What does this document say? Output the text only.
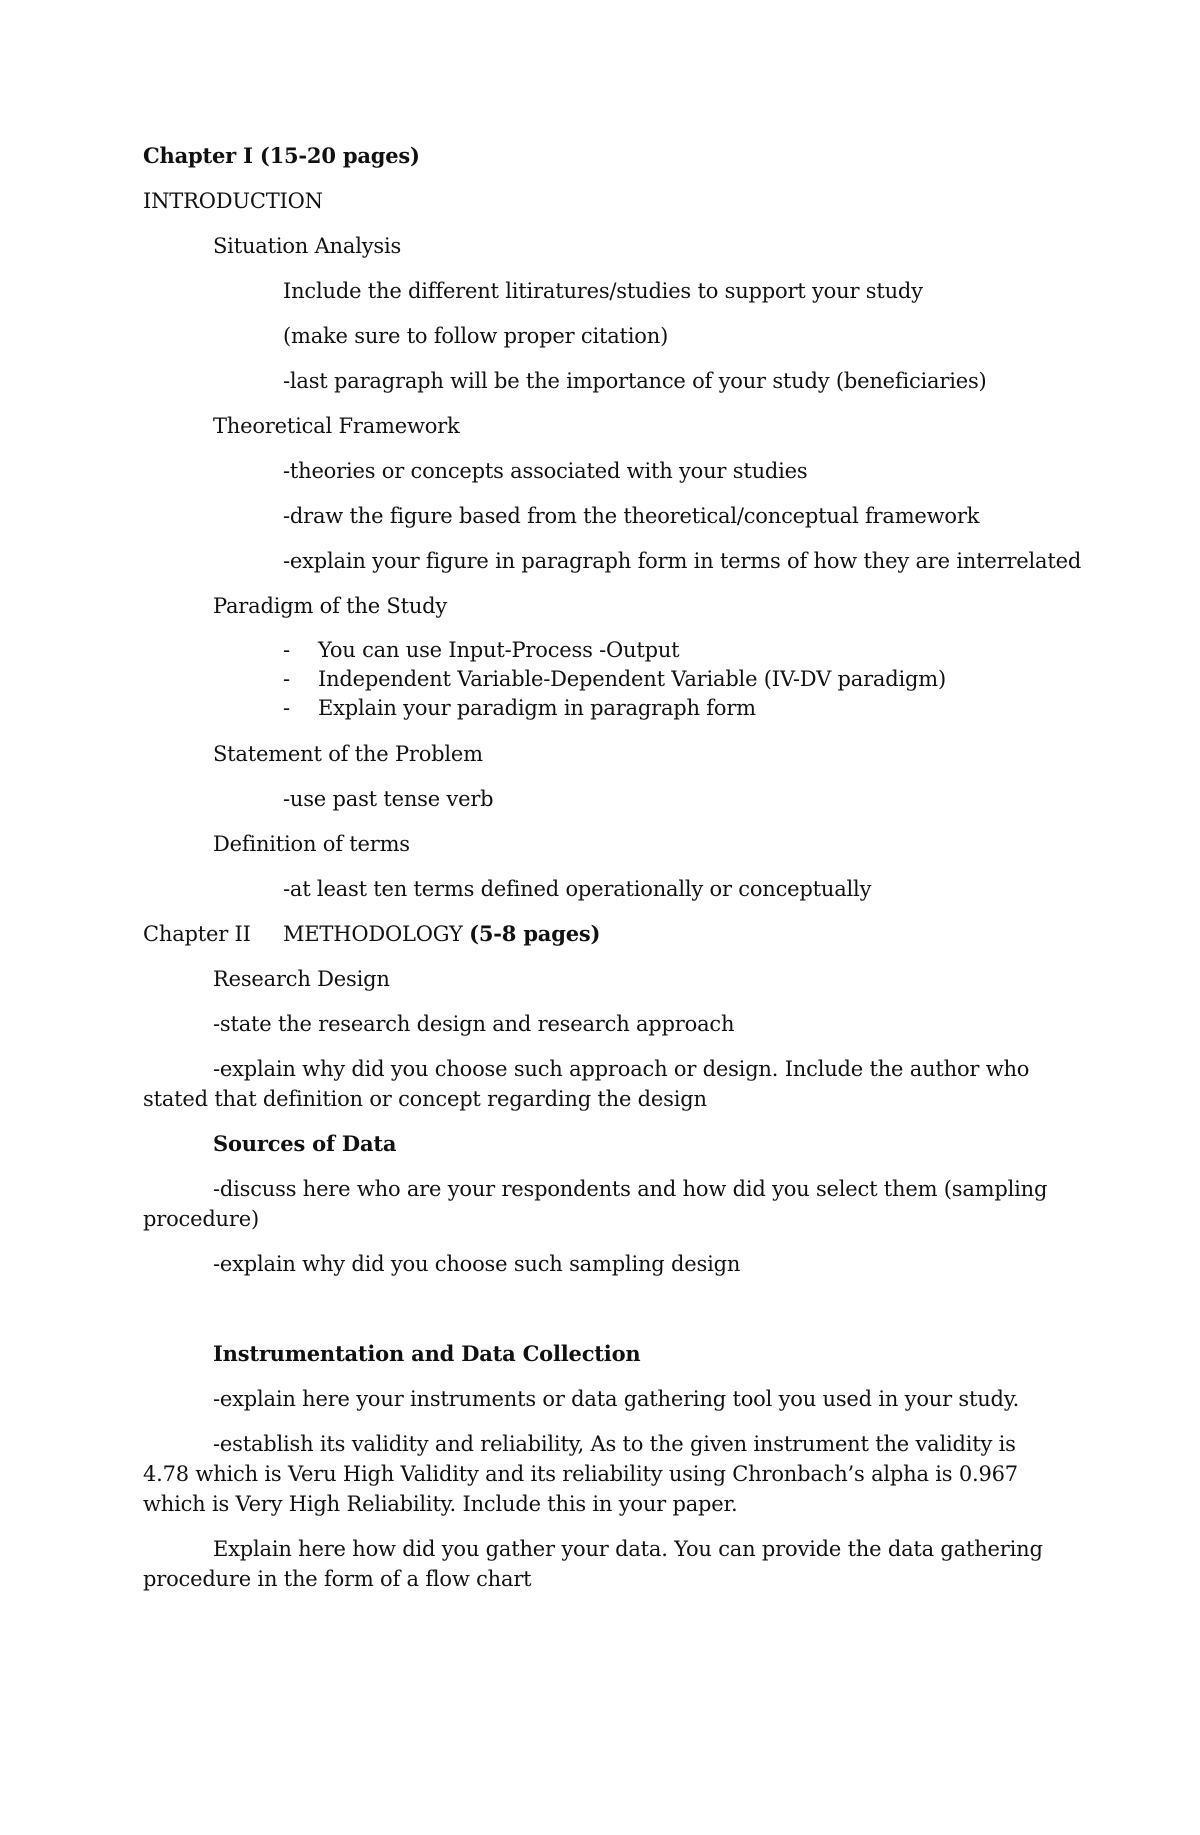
Chapter I (15-20 pages)
INTRODUCTION
Situation Analysis
Include the different litiratures/studies to support your study
(make sure to follow proper citation)
-last paragraph will be the importance of your study (beneficiaries)
Theoretical Framework
-theories or concepts associated with your studies
-draw the figure based from the theoretical/conceptual framework
-explain your figure in paragraph form in terms of how they are interrelated
Paradigm of the Study
- You can use Input-Process -Output
- Independent Variable-Dependent Variable (IV-DV paradigm)
- Explain your paradigm in paragraph form
Statement of the Problem
-use past tense verb
Definition of terms
-at least ten terms defined operationally or conceptually
Chapter II METHODOLOGY (5-8 pages)
Research Design
-state the research design and research approach
-explain why did you choose such approach or design. Include the author who stated that definition or concept regarding the design
Sources of Data
-discuss here who are your respondents and how did you select them (sampling procedure)
-explain why did you choose such sampling design
Instrumentation and Data Collection
-explain here your instruments or data gathering tool you used in your study.
-establish its validity and reliability, As to the given instrument the validity is 4.78 which is Veru High Validity and its reliability using Chronbach’s alpha is 0.967 which is Very High Reliability. Include this in your paper.
Explain here how did you gather your data. You can provide the data gathering procedure in the form of a flow chart
